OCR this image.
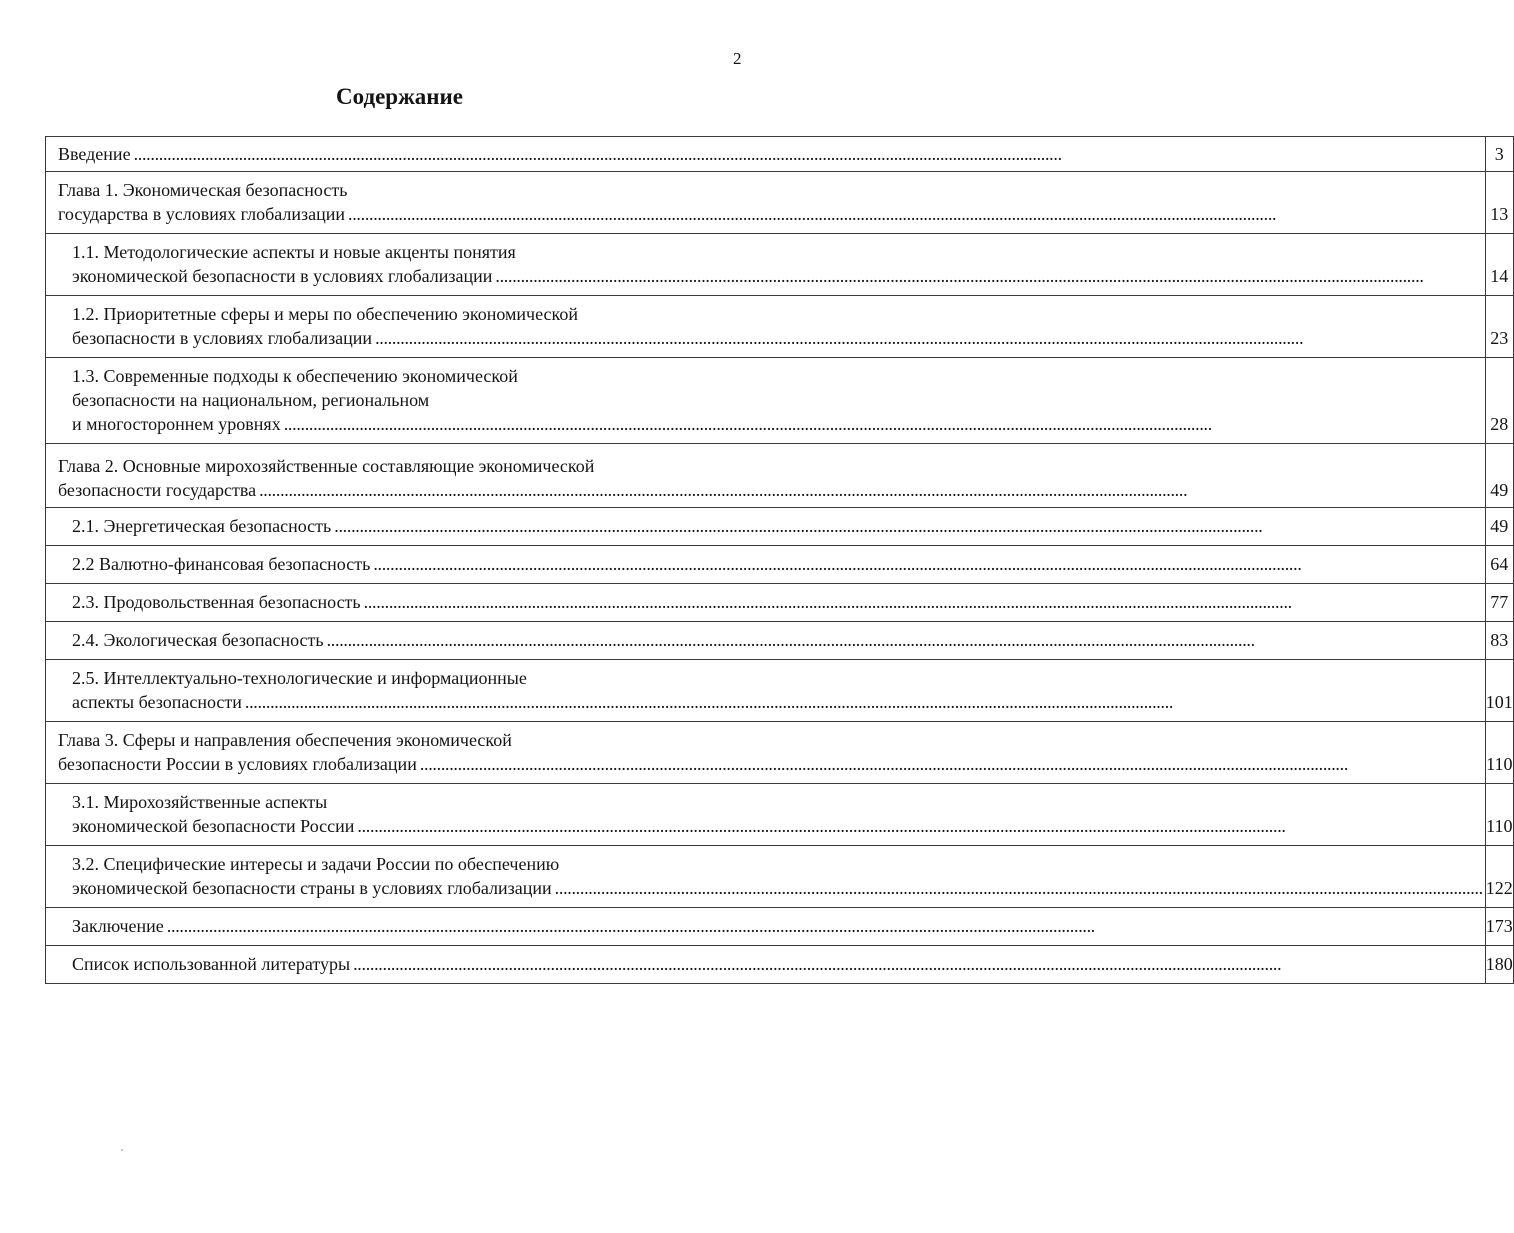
2
Содержание
Введение
. . .	3

Глава 1. Экономическая безопасность
государства в условиях глобализации
. . .	13

1.1. Методологические аспекты и новые акценты понятия
экономической безопасности в условиях глобализации
. . .	14

1.2. Приоритетные сферы и меры по обеспечению экономической
безопасности в условиях глобализации
. . .	23

1.3. Современные подходы к обеспечению экономической
безопасности на национальном, региональном
и многостороннем уровнях
. . .	28

Глава 2. Основные мирохозяйственные составляющие экономической
безопасности государства
. . .	49

2.1. Энергетическая безопасность
. . .	49

2.2 Валютно-финансовая безопасность
. . .	64

2.3. Продовольственная безопасность
. . .	77

2.4. Экологическая безопасность
. . .	83

2.5. Интеллектуально-технологические и информационные
аспекты безопасности
. . .	101

Глава 3. Сферы и направления обеспечения экономической
безопасности России в условиях глобализации
. . .	110

3.1. Мирохозяйственные аспекты
экономической безопасности России
. . .	110

3.2. Специфические интересы и задачи России по обеспечению
экономической безопасности страны в условиях глобализации
. . .	122

Заключение
. . .	173

Список использованной литературы
. . .	180
